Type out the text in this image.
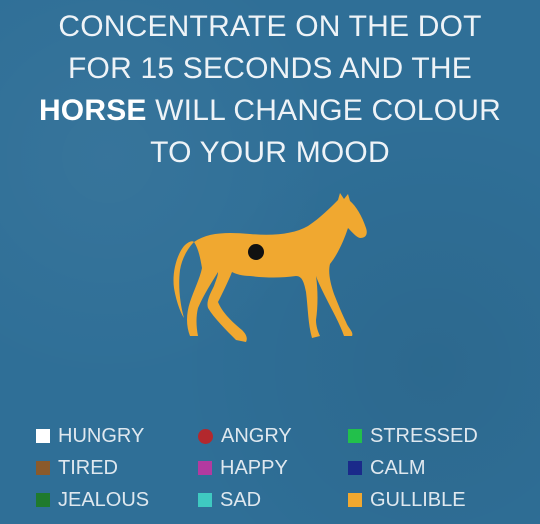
CONCENTRATE ON THE DOT
FOR 15 SECONDS AND THE
HORSE WILL CHANGE COLOUR
TO YOUR MOOD
HUNGRY
TIRED
JEALOUS
ANGRY
HAPPY
SAD
STRESSED
CALM
GULLIBLE
